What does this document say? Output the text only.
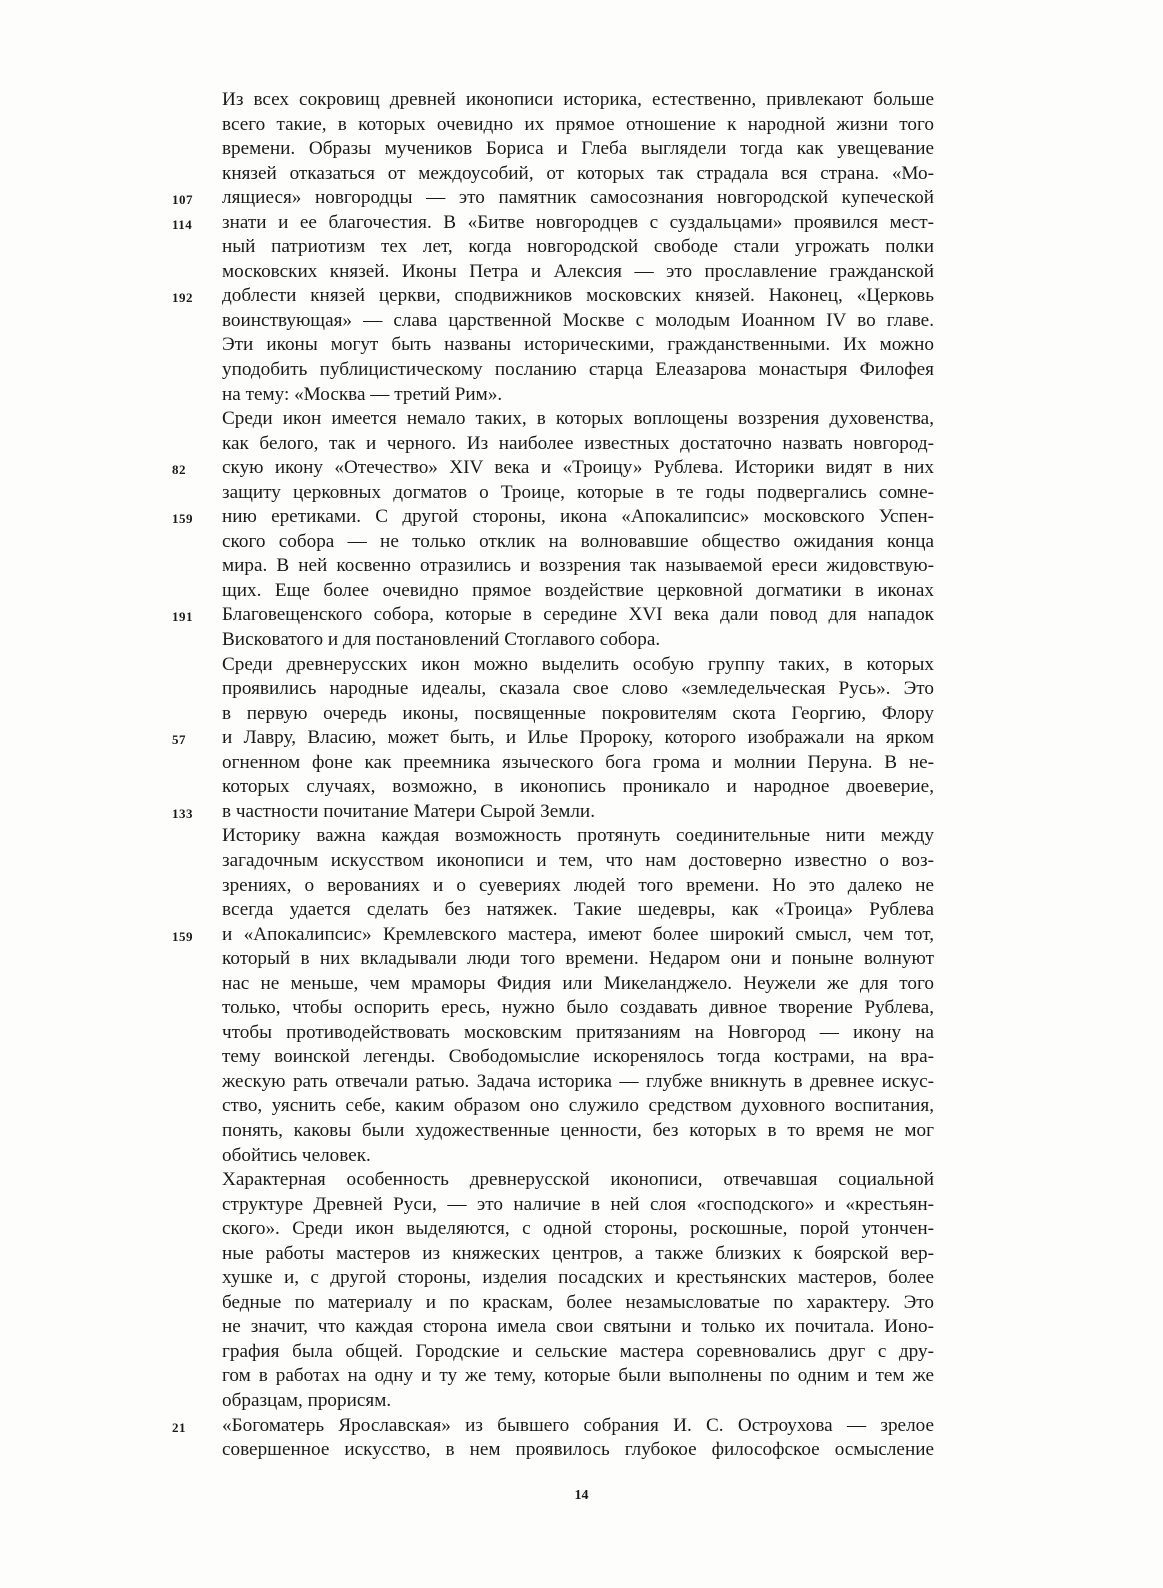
Из всех сокровищ древней иконописи историка, естественно, привлекают больше
всего такие, в которых очевидно их прямое отношение к народной жизни того
времени. Образы мучеников Бориса и Глеба выглядели тогда как увещевание
князей отказаться от междоусобий, от которых так страдала вся страна. «Мо-
лящиеся» новгородцы — это памятник самосознания новгородской купеческой
107
знати и ее благочестия. В «Битве новгородцев с суздальцами» проявился мест-
114
ный патриотизм тех лет, когда новгородской свободе стали угрожать полки
московских князей. Иконы Петра и Алексия — это прославление гражданской
доблести князей церкви, сподвижников московских князей. Наконец, «Церковь
192
воинствующая» — слава царственной Москве с молодым Иоанном IV во главе.
Эти иконы могут быть названы историческими, гражданственными. Их можно
уподобить публицистическому посланию старца Елеазарова монастыря Филофея
на тему: «Москва — третий Рим».
Среди икон имеется немало таких, в которых воплощены воззрения духовенства,
как белого, так и черного. Из наиболее известных достаточно назвать новгород-
скую икону «Отечество» XIV века и «Троицу» Рублева. Историки видят в них
82
защиту церковных догматов о Троице, которые в те годы подвергались сомне-
нию еретиками. С другой стороны, икона «Апокалипсис» московского Успен-
159
ского собора — не только отклик на волновавшие общество ожидания конца
мира. В ней косвенно отразились и воззрения так называемой ереси жидовствую-
щих. Еще более очевидно прямое воздействие церковной догматики в иконах
Благовещенского собора, которые в середине XVI века дали повод для нападок
191
Висковатого и для постановлений Стоглавого собора.
Среди древнерусских икон можно выделить особую группу таких, в которых
проявились народные идеалы, сказала свое слово «земледельческая Русь». Это
в первую очередь иконы, посвященные покровителям скота Георгию, Флору
и Лавру, Власию, может быть, и Илье Пророку, которого изображали на ярком
57
огненном фоне как преемника языческого бога грома и молнии Перуна. В не-
которых случаях, возможно, в иконопись проникало и народное двоеверие,
в частности почитание Матери Сырой Земли.
133
Историку важна каждая возможность протянуть соединительные нити между
загадочным искусством иконописи и тем, что нам достоверно известно о воз-
зрениях, о верованиях и о суевериях людей того времени. Но это далеко не
всегда удается сделать без натяжек. Такие шедевры, как «Троица» Рублева
и «Апокалипсис» Кремлевского мастера, имеют более широкий смысл, чем тот,
159
который в них вкладывали люди того времени. Недаром они и поныне волнуют
нас не меньше, чем мраморы Фидия или Микеланджело. Неужели же для того
только, чтобы оспорить ересь, нужно было создавать дивное творение Рублева,
чтобы противодействовать московским притязаниям на Новгород — икону на
тему воинской легенды. Свободомыслие искоренялось тогда кострами, на вра-
жескую рать отвечали ратью. Задача историка — глубже вникнуть в древнее искус-
ство, уяснить себе, каким образом оно служило средством духовного воспитания,
понять, каковы были художественные ценности, без которых в то время не мог
обойтись человек.
Характерная особенность древнерусской иконописи, отвечавшая социальной
структуре Древней Руси, — это наличие в ней слоя «господского» и «крестьян-
ского». Среди икон выделяются, с одной стороны, роскошные, порой утончен-
ные работы мастеров из княжеских центров, а также близких к боярской вер-
хушке и, с другой стороны, изделия посадских и крестьянских мастеров, более
бедные по материалу и по краскам, более незамысловатые по характеру. Это
не значит, что каждая сторона имела свои святыни и только их почитала. Ионо-
графия была общей. Городские и сельские мастера соревновались друг с дру-
гом в работах на одну и ту же тему, которые были выполнены по одним и тем же
образцам, прорисям.
«Богоматерь Ярославская» из бывшего собрания И. С. Остроухова — зрелое
21
совершенное искусство, в нем проявилось глубокое философское осмысление
14
